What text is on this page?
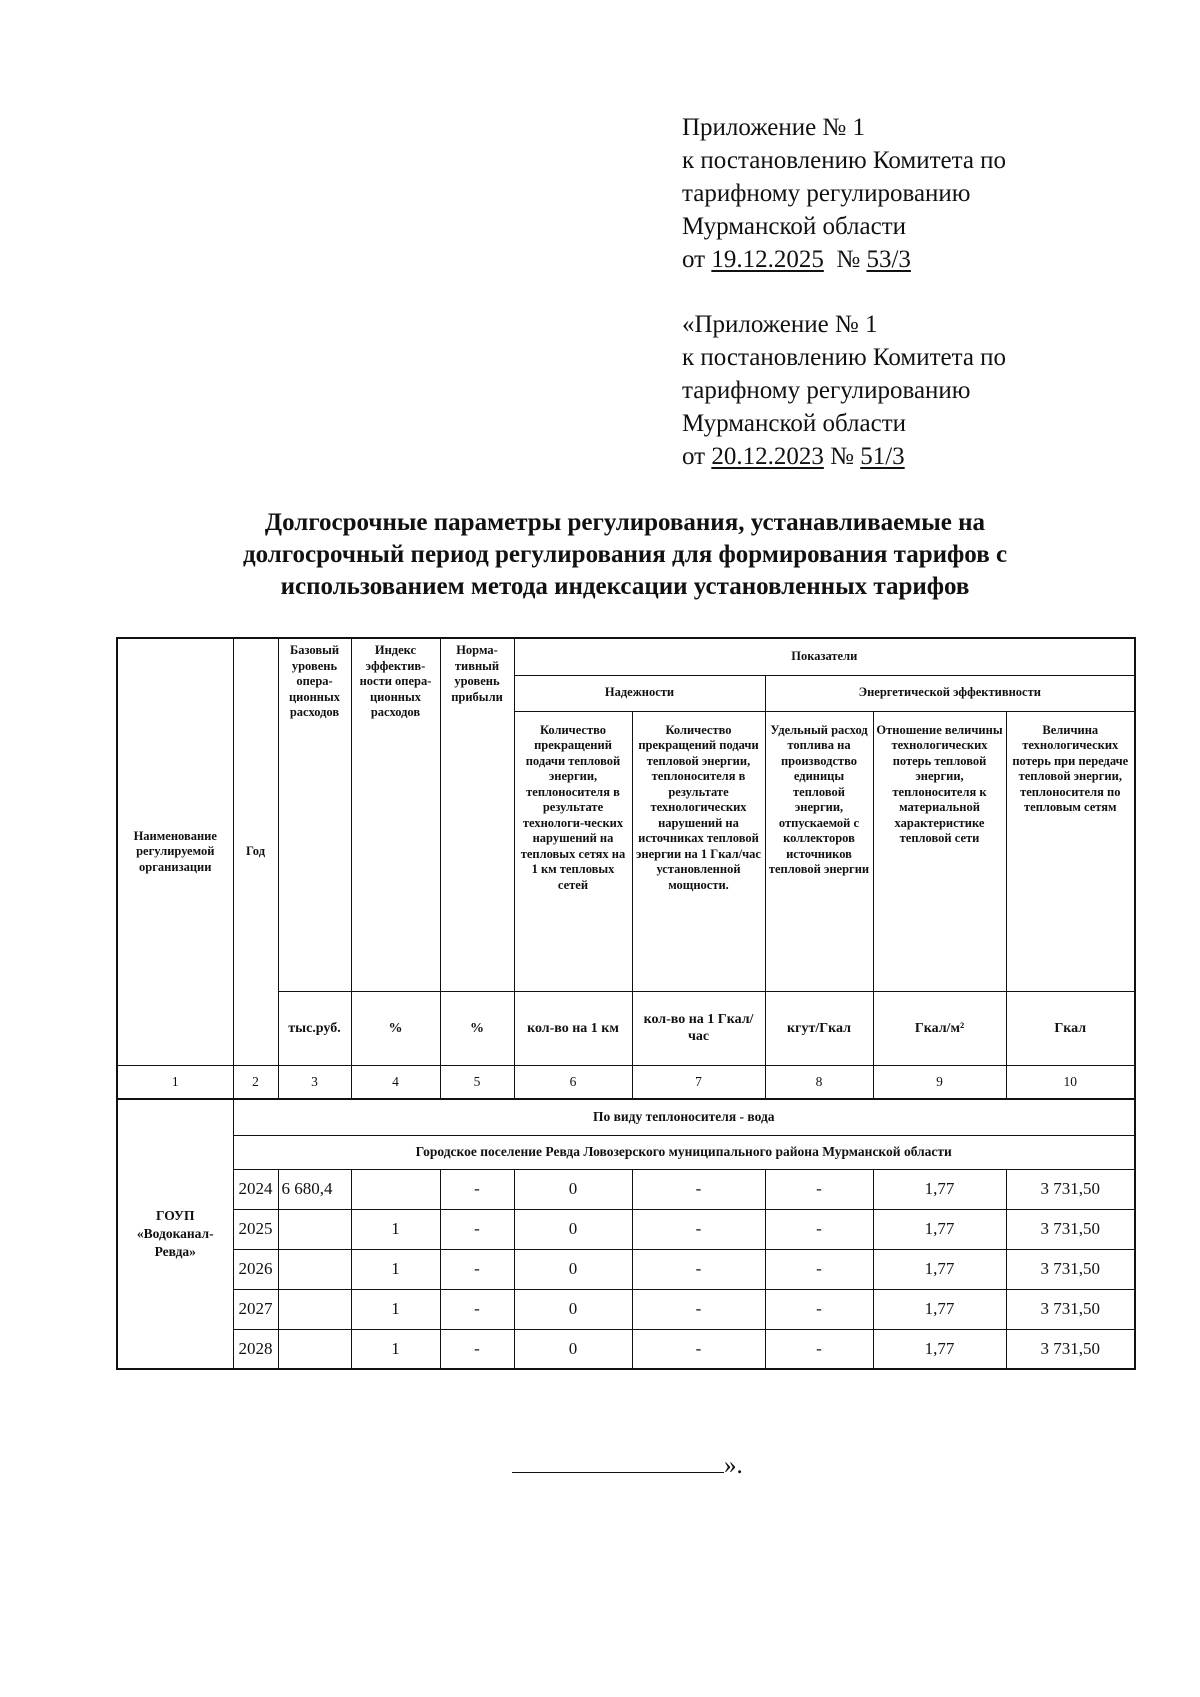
Приложение № 1
к постановлению Комитета по
тарифному регулированию
Мурманской области
от 19.12.2025  № 53/3
«Приложение № 1
к постановлению Комитета по
тарифному регулированию
Мурманской области
от 20.12.2023 № 51/3
Долгосрочные параметры регулирования, устанавливаемые на
долгосрочный период регулирования для формирования тарифов с
использованием метода индексации установленных тарифов
Наименование регулируемой организации	Год	Базовый уровень опера-ционных расходов	Индекс эффектив-ности опера-ционных расходов	Норма-тивный уровень прибыли	Показатели				
					Надежности		Энергетической эффективности		
					Количество прекращений подачи тепловой энергии, теплоносителя в результате технологи-ческих нарушений на тепловых сетях на 1 км тепловых сетей	Количество прекращений подачи тепловой энергии, теплоносителя в результате технологических нарушений на источниках тепловой энергии на 1 Гкал/час установленной мощности.	Удельный расход топлива на производство единицы тепловой энергии, отпускаемой с коллекторов источников тепловой энергии	Отношение величины технологических потерь тепловой энергии, теплоносителя к материальной характеристике тепловой сети	Величина технологических потерь при передаче тепловой энергии, теплоносителя по тепловым сетям
		тыс.руб.	%	%	кол-во на 1 км	кол-во на 1 Гкал/час	кгут/Гкал	Гкал/м²	Гкал
1	2	3	4	5	6	7	8	9	10
ГОУП «Водоканал-Ревда»	По виду теплоносителя - вода								
	Городское поселение Ревда Ловозерского муниципального района Мурманской области								
	2024	6 680,4		-	0	-	-	1,77	3 731,50
	2025		1	-	0	-	-	1,77	3 731,50
	2026		1	-	0	-	-	1,77	3 731,50
	2027		1	-	0	-	-	1,77	3 731,50
	2028		1	-	0	-	-	1,77	3 731,50
».
